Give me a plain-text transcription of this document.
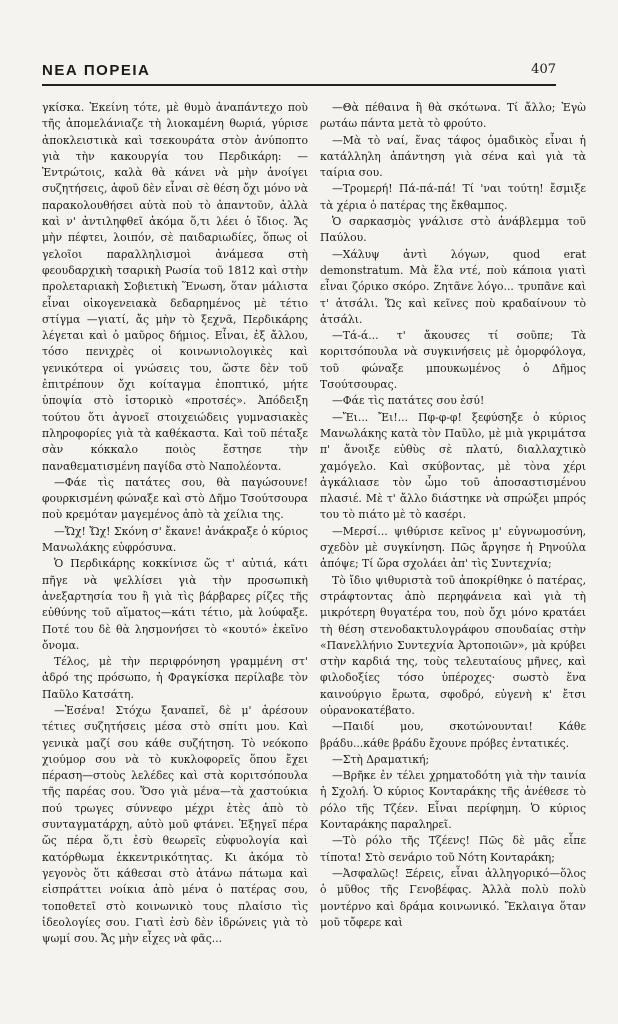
ΝΕΑ ΠΟΡΕΙΑ	407

γκίσκα. Ἐκείνη τότε, μὲ θυμὸ ἀναπάντεχο ποὺ τῆς ἀπομελάνιαζε τὴ λιοκαμένη θωριά, γύρισε ἀποκλειστικὰ καὶ τσεκουράτα στὸν ἀνύποπτο γιὰ τὴν κακουργία του Περδικάρη: —Ἐντρώτοις, καλὰ θὰ κάνει νὰ μὴν ἀνοίγει συζητήσεις, ἀφοῦ δὲν εἶναι σὲ θέση ὄχι μόνο νὰ παρακολουθήσει αὐτὰ ποὺ τὸ ἀπαντοῦν, ἀλλὰ καὶ ν' ἀντιληφθεῖ ἀκόμα ὅ,τι λέει ὁ ἴδιος. Ἄς μὴν πέφτει, λοιπόν, σὲ παιδαριωδίες, ὅπως οἱ γελοῖοι παραλληλισμοὶ ἀνάμεσα στὴ φεουδαρχικὴ τσαρικὴ Ρωσία τοῦ 1812 καὶ στὴν προλεταριακὴ Σοβιετικὴ Ἕνωση, ὅταν μάλιστα εἶναι οἰκογενειακὰ δεδαρημένος μὲ τέτιο στίγμα —γιατί, ἄς μὴν τὸ ξεχνᾶ, Περδικάρης λέγεται καὶ ὁ μαῦρος δήμιος. Εἶναι, ἐξ ἄλλου, τόσο πενιχρὲς οἱ κοινωνιολογικὲς καὶ γενικότερα οἱ γνώσεις του, ὥστε δὲν τοῦ ἐπιτρέπουν ὄχι κοίταγμα ἐποπτικό, μήτε ὑποψία στὸ ἱστορικὸ «προτσές». Ἀπόδειξη τούτου ὅτι ἀγνοεῖ στοιχειώδεις γυμνασιακὲς πληροφορίες γιὰ τὰ καθέκαστα. Καὶ τοῦ πέταξε σὰν κόκκαλο ποιὸς ἔστησε τὴν παναθεματισμένη παγίδα στὸ Ναπολέοντα.

—Φάε τὶς πατάτες σου, θὰ παγώσουνε! φουρκισμένη φώναξε καὶ στὸ Δῆμο Τσούτσουρα ποὺ κρεμόταν μαγεμένος ἀπὸ τὰ χείλια της.

—Ὤχ! Ὤχ! Σκόνη σ' ἔκανε! ἀνάκραξε ὁ κύριος Μανωλάκης εὐφρόσυνα.

Ὁ Περδικάρης κοκκίνισε ὥς τ' αὐτιά, κάτι πῆγε νὰ ψελλίσει γιὰ τὴν προσωπικὴ ἀνεξαρτησία του ἢ γιὰ τὶς βάρβαρες ρίζες τῆς εὐθύνης τοῦ αἵματος—κάτι τέτιο, μὰ λούφαξε. Ποτέ του δὲ θὰ λησμονήσει τὸ «κουτό» ἐκεῖνο ὄνομα.

Τέλος, μὲ τὴν περιφρόνηση γραμμένη στ' ἀδρό της πρόσωπο, ἡ Φραγκίσκα περίλαβε τὸν Παῦλο Κατσάτη.

—Ἐσένα! Στόχω ξαναπεῖ, δὲ μ' ἀρέσουν τέτιες συζητήσεις μέσα στὸ σπίτι μου. Καὶ γενικὰ μαζί σου κάθε συζήτηση. Τὸ νεόκοπο χιούμορ σου νὰ τὸ κυκλοφορεῖς ὅπου ἔχει πέραση—στοὺς λελέδες καὶ στὰ κοριτσόπουλα τῆς παρέας σου. Ὅσο γιὰ μένα—τὰ χαστούκια πού τρωγες σύννεφο μέχρι ἐτὲς ἀπὸ τὸ συνταγματάρχη, αὐτὸ μοῦ φτάνει. Ἐξηγεῖ πέρα ὥς πέρα ὅ,τι ἐσὺ θεωρεῖς εὐφυολογία καὶ κατόρθωμα ἐκκεντρικότητας. Κι ἀκόμα τὸ γεγονὸς ὅτι κάθεσαι στὸ ἀτάνω πάτωμα καὶ εἰσπράττει νοίκια ἀπὸ μένα ὁ πατέρας σου, τοποθετεῖ στὸ κοινωνικὸ τους πλαίσιο τὶς ἰδεολογίες σου. Γιατὶ ἐσὺ δὲν ἱδρώνεις γιὰ τὸ ψωμί σου. Ἄς μὴν εἶχες νὰ φᾶς...

—Θὰ πέθαινα ἢ θὰ σκότωνα. Τί ἄλλο; Ἐγὼ ρωτάω πάντα μετὰ τὸ φρούτο.

—Μὰ τὸ ναί, ἕνας τάφος ὁμαδικὸς εἶναι ἡ κατάλληλη ἀπάντηση γιὰ σένα καὶ γιὰ τὰ ταίρια σου.

—Τρομερή! Πά-πά-πά! Τί 'ναι τούτη! ἔσμιξε τὰ χέρια ὁ πατέρας της ἔκθαμπος.

Ὁ σαρκασμὸς γνάλισε στὸ ἀνάβλεμμα τοῦ Παύλου.

—Χάλυψ ἀντὶ λόγων, quod erat demonstratum. Μὰ ἔλα ντέ, ποὺ κάποια γιατὶ εἶναι ζόρικο σκόρο. Ζητᾶνε λόγο... τρυπᾶνε καὶ τ' ἀτσάλι. Ὥς καὶ κεῖνες ποὺ κραδαίνουν τὸ ἀτσάλι.

—Τά-ά... τ' ἄκουσες τί σοῦπε; Τὰ κοριτσόπουλα νὰ συγκινήσεις μὲ ὁμορφόλογα, τοῦ φώναξε μπουκωμένος ὁ Δῆμος Τσούτσουρας.

—Φάε τὶς πατάτες σου ἐσύ!

—Ἔι... Ἔι!... Πφ-φ-φ! ξεφύσηξε ὁ κύριος Μανωλάκης κατὰ τὸν Παῦλο, μὲ μιὰ γκριμάτσα π' ἄνοιξε εὐθὺς σὲ πλατύ, διαλλαχτικὸ χαμόγελο. Καὶ σκύβοντας, μὲ τὸνα χέρι ἀγκάλιασε τὸν ὦμο τοῦ ἀποσαστισμένου πλασιέ. Μὲ τ' ἄλλο διάστηκε νὰ σπρώξει μπρός του τὸ πιάτο μὲ τὸ κασέρι.

—Μερσί... ψιθύρισε κεῖνος μ' εὐγνωμοσύνη, σχεδὸν μὲ συγκίνηση. Πῶς ἄργησε ἡ Ρηνούλα ἀπόψε; Τί ὥρα σχολάει ἀπ' τὶς Συντεχνία;

Τὸ ἴδιο ψιθυριστὰ τοῦ ἀποκρίθηκε ὁ πατέρας, στράφτοντας ἀπὸ περηφάνεια καὶ γιὰ τὴ μικρότερη θυγατέρα του, ποὺ ὄχι μόνο κρατάει τὴ θέση στενοδακτυλογράφου σπουδαίας στὴν «Πανελλήνιο Συντεχνία Ἀρτοποιῶν», μὰ κρύβει στὴν καρδιά της, τοὺς τελευταίους μῆνες, καὶ φιλοδοξίες τόσο ὑπέροχες· σωστὸ ἕνα καινούργιο ἔρωτα, σφοδρό, εὐγενὴ κ' ἔτσι οὐρανοκατέβατο.

—Παιδί μου, σκοτώνουνται! Κάθε βράδυ...κάθε βράδυ ἔχουνε πρόβες ἐντατικές.

—Στὴ Δραματική;

—Βρῆκε ἐν τέλει χρηματοδότη γιὰ τὴν ταινία ἡ Σχολή. Ὁ κύριος Κονταράκης τῆς ἀνέθεσε τὸ ρόλο τῆς Τζέεν. Εἶναι περίφημη. Ὁ κύριος Κονταράκης παραληρεῖ.

—Τὸ ρόλο τῆς Τζέενς! Πῶς δὲ μᾶς εἶπε τίποτα! Στὸ σενάριο τοῦ Νότη Κονταράκη;

—Ἀσφαλῶς! Ξέρεις, εἶναι ἀλληγορικό—ὅλος ὁ μῦθος τῆς Γενοβέφας. Ἀλλὰ πολὺ πολὺ μοντέρνο καὶ δράμα κοινωνικό. Ἔκλαιγα ὅταν μοῦ τὄφερε καὶ
